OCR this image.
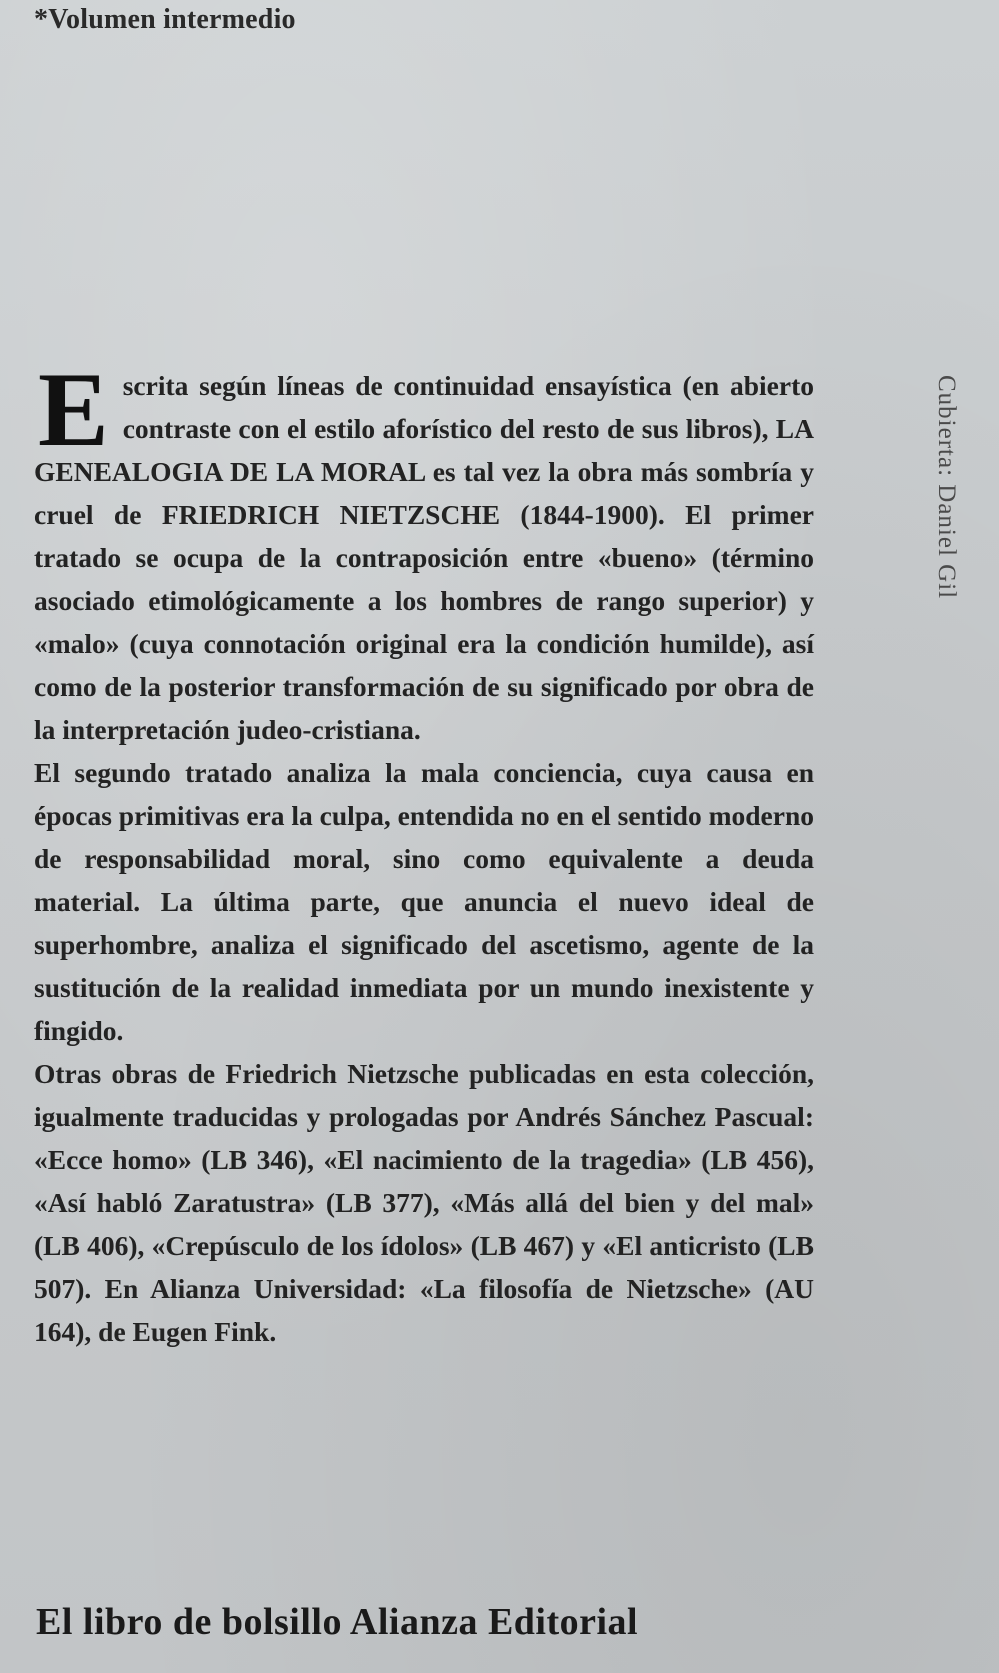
*Volumen intermedio
Cubierta: Daniel Gil

Escrita según líneas de continuidad ensayística (en abierto contraste con el estilo aforístico del resto de sus libros), LA GENEALOGIA DE LA MORAL es tal vez la obra más sombría y cruel de FRIEDRICH NIETZSCHE (1844-1900). El primer tratado se ocupa de la contraposición entre «bueno» (término asociado etimológicamente a los hombres de rango superior) y «malo» (cuya connotación original era la condición humilde), así como de la posterior transformación de su significado por obra de la interpretación judeo-cristiana.

El segundo tratado analiza la mala conciencia, cuya causa en épocas primitivas era la culpa, entendida no en el sentido moderno de responsabilidad moral, sino como equivalente a deuda material. La última parte, que anuncia el nuevo ideal de superhombre, analiza el significado del ascetismo, agente de la sustitución de la realidad inmediata por un mundo inexistente y fingido.

Otras obras de Friedrich Nietzsche publicadas en esta colección, igualmente traducidas y prologadas por Andrés Sánchez Pascual: «Ecce homo» (LB 346), «El nacimiento de la tragedia» (LB 456), «Así habló Zaratustra» (LB 377), «Más allá del bien y del mal» (LB 406), «Crepúsculo de los ídolos» (LB 467) y «El anticristo (LB 507). En Alianza Universidad: «La filosofía de Nietzsche» (AU 164), de Eugen Fink.

El libro de bolsillo Alianza Editorial
